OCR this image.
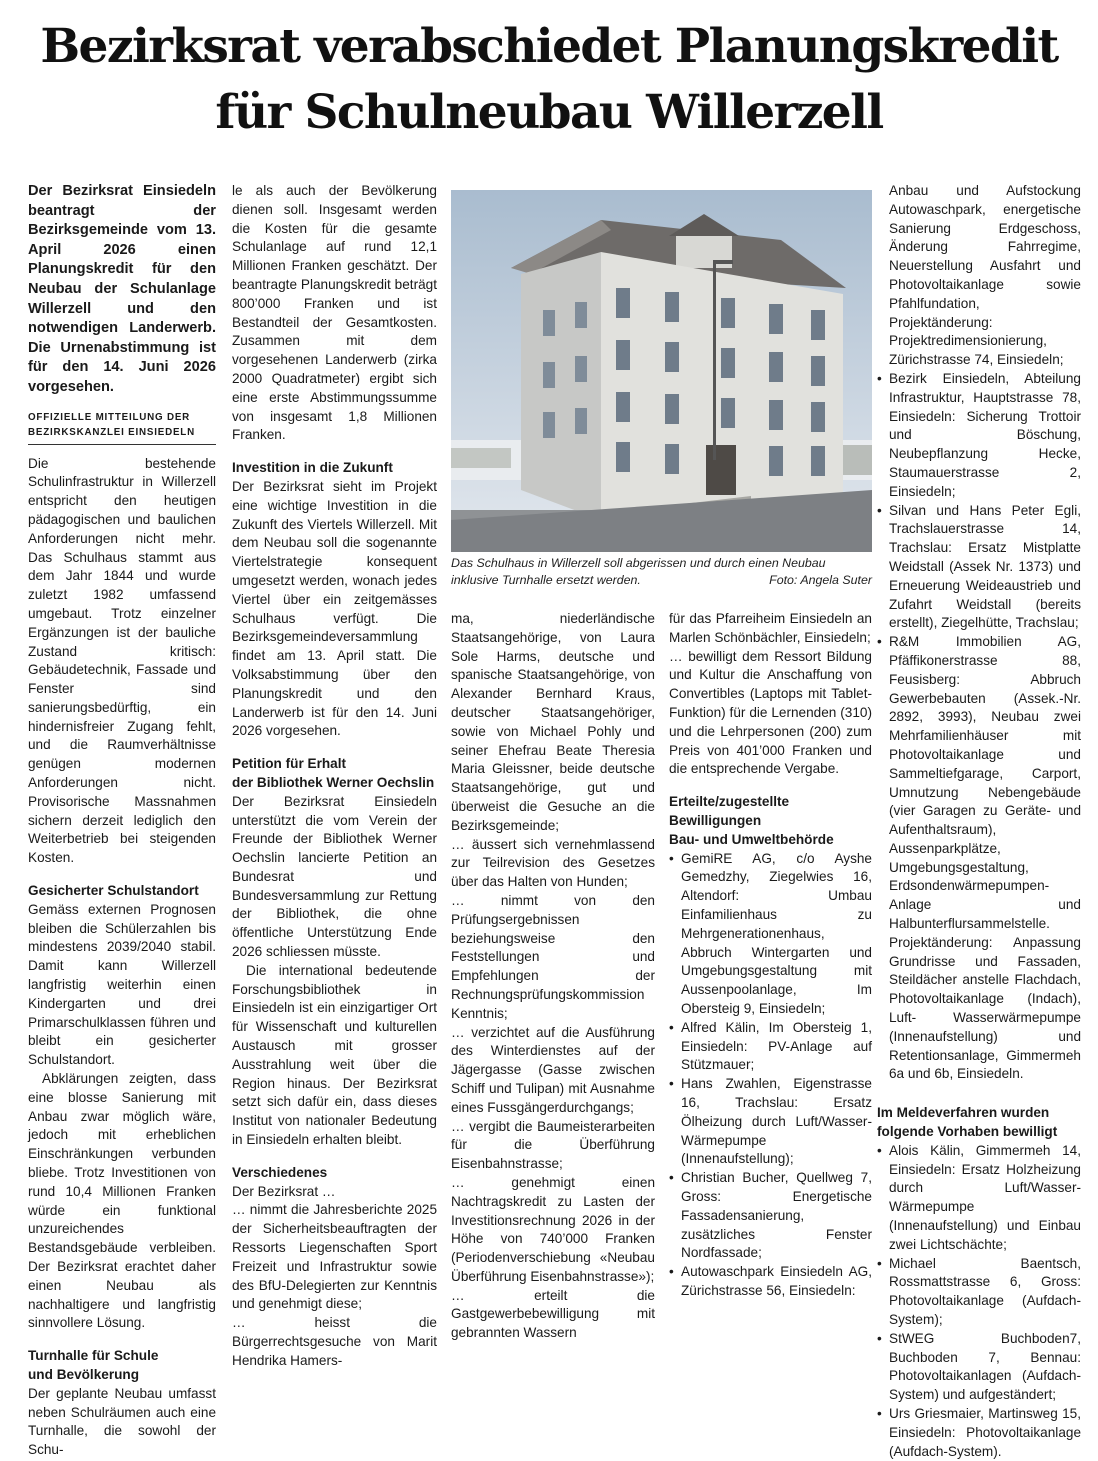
Bezirksrat verabschiedet Planungskredit
für Schulneubau Willerzell

Der Bezirksrat Einsiedeln beantragt der Bezirksgemeinde vom 13. April 2026 einen Planungskredit für den Neubau der Schulanlage Willerzell und den notwendigen Landerwerb. Die Urnenabstimmung ist für den 14. Juni 2026 vorgesehen.

OFFIZIELLE MITTEILUNG DER
BEZIRKSKANZLEI EINSIEDELN

Die bestehende Schulinfrastruktur in Willerzell entspricht den heutigen pädagogischen und baulichen Anforderungen nicht mehr. Das Schulhaus stammt aus dem Jahr 1844 und wurde zuletzt 1982 umfassend umgebaut. Trotz einzelner Ergänzungen ist der bauliche Zustand kritisch: Gebäudetechnik, Fassade und Fenster sind sanierungsbedürftig, ein hindernisfreier Zugang fehlt, und die Raumverhältnisse genügen modernen Anforderungen nicht. Provisorische Massnahmen sichern derzeit lediglich den Weiterbetrieb bei steigenden Kosten.

Gesicherter Schulstandort

Gemäss externen Prognosen bleiben die Schülerzahlen bis mindestens 2039/2040 stabil. Damit kann Willerzell langfristig weiterhin einen Kindergarten und drei Primarschulklassen führen und bleibt ein gesicherter Schulstandort.

Abklärungen zeigten, dass eine blosse Sanierung mit Anbau zwar möglich wäre, jedoch mit erheblichen Einschränkungen verbunden bliebe. Trotz Investitionen von rund 10,4 Millionen Franken würde ein funktional unzureichendes Bestandsgebäude verbleiben. Der Bezirksrat erachtet daher einen Neubau als nachhaltigere und langfristig sinnvollere Lösung.

Turnhalle für Schule
und Bevölkerung

Der geplante Neubau umfasst neben Schulräumen auch eine Turnhalle, die sowohl der Schu-

le als auch der Bevölkerung dienen soll. Insgesamt werden die Kosten für die gesamte Schulanlage auf rund 12,1 Millionen Franken geschätzt. Der beantragte Planungskredit beträgt 800’000 Franken und ist Bestandteil der Gesamtkosten. Zusammen mit dem vorgesehenen Landerwerb (zirka 2000 Quadratmeter) ergibt sich eine erste Abstimmungssumme von insgesamt 1,8 Millionen Franken.

Investition in die Zukunft

Der Bezirksrat sieht im Projekt eine wichtige Investition in die Zukunft des Viertels Willerzell. Mit dem Neubau soll die sogenannte Viertelstrategie konsequent umgesetzt werden, wonach jedes Viertel über ein zeitgemässes Schulhaus verfügt. Die Bezirksgemeindeversammlung findet am 13. April statt. Die Volksabstimmung über den Planungskredit und den Landerwerb ist für den 14. Juni 2026 vorgesehen.

Petition für Erhalt
der Bibliothek Werner Oechslin

Der Bezirksrat Einsiedeln unterstützt die vom Verein der Freunde der Bibliothek Werner Oechslin lancierte Petition an Bundesrat und Bundesversammlung zur Rettung der Bibliothek, die ohne öffentliche Unterstützung Ende 2026 schliessen müsste.

Die international bedeutende Forschungsbibliothek in Einsiedeln ist ein einzigartiger Ort für Wissenschaft und kulturellen Austausch mit grosser Ausstrahlung weit über die Region hinaus. Der Bezirksrat setzt sich dafür ein, dass dieses Institut von nationaler Bedeutung in Einsiedeln erhalten bleibt.

Verschiedenes

Der Bezirksrat …

… nimmt die Jahresberichte 2025 der Sicherheitsbeauftragten der Ressorts Liegenschaften Sport Freizeit und Infrastruktur sowie des BfU-Delegierten zur Kenntnis und genehmigt diese;

… heisst die Bürgerrechtsgesuche von Marit Hendrika Hamers-

Das Schulhaus in Willerzell soll abgerissen und durch einen Neubau inklusive Turnhalle ersetzt werden.	Foto: Angela Suter

ma, niederländische Staatsangehörige, von Laura Sole Harms, deutsche und spanische Staatsangehörige, von Alexander Bernhard Kraus, deutscher Staatsangehöriger, sowie von Michael Pohly und seiner Ehefrau Beate Theresia Maria Gleissner, beide deutsche Staatsangehörige, gut und überweist die Gesuche an die Bezirksgemeinde;

… äussert sich vernehmlassend zur Teilrevision des Gesetzes über das Halten von Hunden;

… nimmt von den Prüfungsergebnissen beziehungsweise den Feststellungen und Empfehlungen der Rechnungsprüfungskommission Kenntnis;

… verzichtet auf die Ausführung des Winterdienstes auf der Jägergasse (Gasse zwischen Schiff und Tulipan) mit Ausnahme eines Fussgängerdurchgangs;

… vergibt die Baumeisterarbeiten für die Überführung Eisenbahnstrasse;

… genehmigt einen Nachtragskredit zu Lasten der Investitionsrechnung 2026 in der Höhe von 740’000 Franken (Periodenverschiebung «Neubau Überführung Eisenbahnstrasse»);

… erteilt die Gastgewerbebewilligung mit gebrannten Wassern

für das Pfarreiheim Einsiedeln an Marlen Schönbächler, Einsiedeln;

… bewilligt dem Ressort Bildung und Kultur die Anschaffung von Convertibles (Laptops mit Tablet-Funktion) für die Lernenden (310) und die Lehrpersonen (200) zum Preis von 401’000 Franken und die entsprechende Vergabe.

Erteilte/zugestellte
Bewilligungen
Bau- und Umweltbehörde

• GemiRE AG, c/o Ayshe Gemedzhy, Ziegelwies 16, Altendorf: Umbau Einfamilienhaus zu Mehrgenerationenhaus, Abbruch Wintergarten und Umgebungsgestaltung mit Aussenpoolanlage, Im Obersteig 9, Einsiedeln;
• Alfred Kälin, Im Obersteig 1, Einsiedeln: PV-Anlage auf Stützmauer;
• Hans Zwahlen, Eigenstrasse 16, Trachslau: Ersatz Ölheizung durch Luft/Wasser-Wärmepumpe (Innenaufstellung);
• Christian Bucher, Quellweg 7, Gross: Energetische Fassadensanierung, zusätzliches Fenster Nordfassade;
• Autowaschpark Einsiedeln AG, Zürichstrasse 56, Einsiedeln:

Anbau und Aufstockung Autowaschpark, energetische Sanierung Erdgeschoss, Änderung Fahrregime, Neuerstellung Ausfahrt und Photovoltaikanlage sowie Pfahlfundation, Projektänderung: Projektredimensionierung, Zürichstrasse 74, Einsiedeln;

• Bezirk Einsiedeln, Abteilung Infrastruktur, Hauptstrasse 78, Einsiedeln: Sicherung Trottoir und Böschung, Neubepflanzung Hecke, Staumauerstrasse 2, Einsiedeln;
• Silvan und Hans Peter Egli, Trachslauerstrasse 14, Trachslau: Ersatz Mistplatte Weidstall (Assek Nr. 1373) und Erneuerung Weideaustrieb und Zufahrt Weidstall (bereits erstellt), Ziegelhütte, Trachslau;
• R&M Immobilien AG, Pfäffikonerstrasse 88, Feusisberg: Abbruch Gewerbebauten (Assek.-Nr. 2892, 3993), Neubau zwei Mehrfamilienhäuser mit Photovoltaikanlage und Sammeltiefgarage, Carport, Umnutzung Nebengebäude (vier Garagen zu Geräte- und Aufenthaltsraum), Aussenparkplätze, Umgebungsgestaltung, Erdsondenwärmepumpen-Anlage und Halbunterflursammelstelle. Projektänderung: Anpassung Grundrisse und Fassaden, Steildächer anstelle Flachdach, Photovoltaikanlage (Indach), Luft- Wasserwärmepumpe (Innenaufstellung) und Retentionsanlage, Gimmermeh 6a und 6b, Einsiedeln.

Im Meldeverfahren wurden
folgende Vorhaben bewilligt

• Alois Kälin, Gimmermeh 14, Einsiedeln: Ersatz Holzheizung durch Luft/Wasser-Wärmepumpe (Innenaufstellung) und Einbau zwei Lichtschächte;
• Michael Baentsch, Rossmattstrasse 6, Gross: Photovoltaikanlage (Aufdach-System);
• StWEG Buchboden7, Buchboden 7, Bennau: Photovoltaikanlagen (Aufdach-System) und aufgeständert;
• Urs Griesmaier, Martinsweg 15, Einsiedeln: Photovoltaikanlage (Aufdach-System).
